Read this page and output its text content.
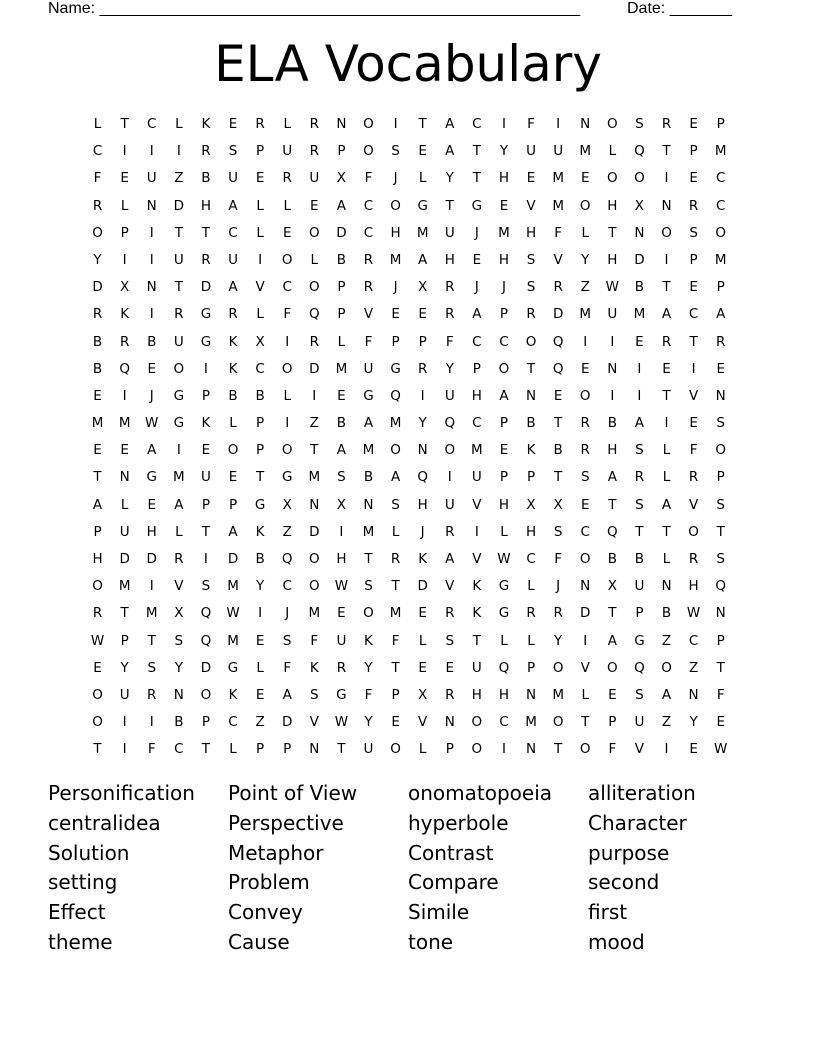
Name: ______________________________________________________	Date: _______
ELA Vocabulary
L	T	C	L	K	E	R	L	R	N	O	I	T	A	C	I	F	I	N	O	S	R	E	P
C	I	I	I	R	S	P	U	R	P	O	S	E	A	T	Y	U	U	M	L	Q	T	P	M
F	E	U	Z	B	U	E	R	U	X	F	J	L	Y	T	H	E	M	E	O	O	I	E	C
R	L	N	D	H	A	L	L	E	A	C	O	G	T	G	E	V	M	O	H	X	N	R	C
O	P	I	T	T	C	L	E	O	D	C	H	M	U	J	M	H	F	L	T	N	O	S	O
Y	I	I	U	R	U	I	O	L	B	R	M	A	H	E	H	S	V	Y	H	D	I	P	M
D	X	N	T	D	A	V	C	O	P	R	J	X	R	J	J	S	R	Z	W	B	T	E	P
R	K	I	R	G	R	L	F	Q	P	V	E	E	R	A	P	R	D	M	U	M	A	C	A
B	R	B	U	G	K	X	I	R	L	F	P	P	F	C	C	O	Q	I	I	E	R	T	R
B	Q	E	O	I	K	C	O	D	M	U	G	R	Y	P	O	T	Q	E	N	I	E	I	E
E	I	J	G	P	B	B	L	I	E	G	Q	I	U	H	A	N	E	O	I	I	T	V	N
M	M	W	G	K	L	P	I	Z	B	A	M	Y	Q	C	P	B	T	R	B	A	I	E	S
E	E	A	I	E	O	P	O	T	A	M	O	N	O	M	E	K	B	R	H	S	L	F	O
T	N	G	M	U	E	T	G	M	S	B	A	Q	I	U	P	P	T	S	A	R	L	R	P
A	L	E	A	P	P	G	X	N	X	N	S	H	U	V	H	X	X	E	T	S	A	V	S
P	U	H	L	T	A	K	Z	D	I	M	L	J	R	I	L	H	S	C	Q	T	T	O	T
H	D	D	R	I	D	B	Q	O	H	T	R	K	A	V	W	C	F	O	B	B	L	R	S
O	M	I	V	S	M	Y	C	O	W	S	T	D	V	K	G	L	J	N	X	U	N	H	Q
R	T	M	X	Q	W	I	J	M	E	O	M	E	R	K	G	R	R	D	T	P	B	W	N
W	P	T	S	Q	M	E	S	F	U	K	F	L	S	T	L	L	Y	I	A	G	Z	C	P
E	Y	S	Y	D	G	L	F	K	R	Y	T	E	E	U	Q	P	O	V	O	Q	O	Z	T
O	U	R	N	O	K	E	A	S	G	F	P	X	R	H	H	N	M	L	E	S	A	N	F
O	I	I	B	P	C	Z	D	V	W	Y	E	V	N	O	C	M	O	T	P	U	Z	Y	E
T	I	F	C	T	L	P	P	N	T	U	O	L	P	O	I	N	T	O	F	V	I	E	W
Personification	Point of View	onomatopoeia	alliteration
centralidea	Perspective	hyperbole	Character
Solution	Metaphor	Contrast	purpose
setting	Problem	Compare	second
Effect	Convey	Simile	first
theme	Cause	tone	mood
